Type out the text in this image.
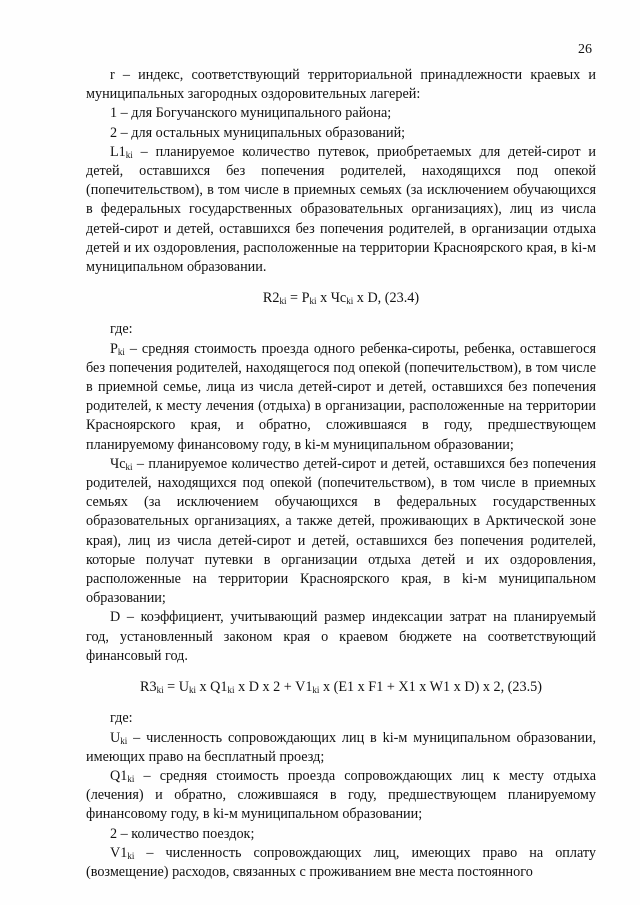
26

r – индекс, соответствующий территориальной принадлежности краевых и муниципальных загородных оздоровительных лагерей:

1 – для Богучанского муниципального района;

2 – для остальных муниципальных образований;

$L1_{ki}$ – планируемое количество путевок, приобретаемых для детей-сирот и детей, оставшихся без попечения родителей, находящихся под опекой (попечительством), в том числе в приемных семьях (за исключением обучающихся в федеральных государственных образовательных организациях), лиц из числа детей-сирот и детей, оставшихся без попечения родителей, в организации отдыха детей и их оздоровления, расположенные на территории Красноярского края, в ki-м муниципальном образовании.

$R2_{ki} = P_{ki}$ x $Чс_{ki}$ x D, (23.4)

где:

$P_{ki}$ – средняя стоимость проезда одного ребенка-сироты, ребенка, оставшегося без попечения родителей, находящегося под опекой (попечительством), в том числе в приемной семье, лица из числа детей-сирот и детей, оставшихся без попечения родителей, к месту лечения (отдыха) в организации, расположенные на территории Красноярского края, и обратно, сложившаяся в году, предшествующем планируемому финансовому году, в ki-м муниципальном образовании;

$Чс_{ki}$ – планируемое количество детей-сирот и детей, оставшихся без попечения родителей, находящихся под опекой (попечительством), в том числе в приемных семьях (за исключением обучающихся в федеральных государственных образовательных организациях, а также детей, проживающих в Арктической зоне края), лиц из числа детей-сирот и детей, оставшихся без попечения родителей, которые получат путевки в организации отдыха детей и их оздоровления, расположенные на территории Красноярского края, в ki-м муниципальном образовании;

D – коэффициент, учитывающий размер индексации затрат на планируемый год, установленный законом края о краевом бюджете на соответствующий финансовый год.

$R3_{ki} = U_{ki}$ x $Q1_{ki}$ x D x $2 + V1_{ki}$ x (E1 x F1 + X1 x W1 x D) x 2, (23.5)

где:

$U_{ki}$ – численность сопровождающих лиц в ki-м муниципальном образовании, имеющих право на бесплатный проезд;

$Q1_{ki}$ – средняя стоимость проезда сопровождающих лиц к месту отдыха (лечения) и обратно, сложившаяся в году, предшествующем планируемому финансовому году, в ki-м муниципальном образовании;

2 – количество поездок;

$V1_{ki}$ – численность сопровождающих лиц, имеющих право на оплату (возмещение) расходов, связанных с проживанием вне места постоянного
